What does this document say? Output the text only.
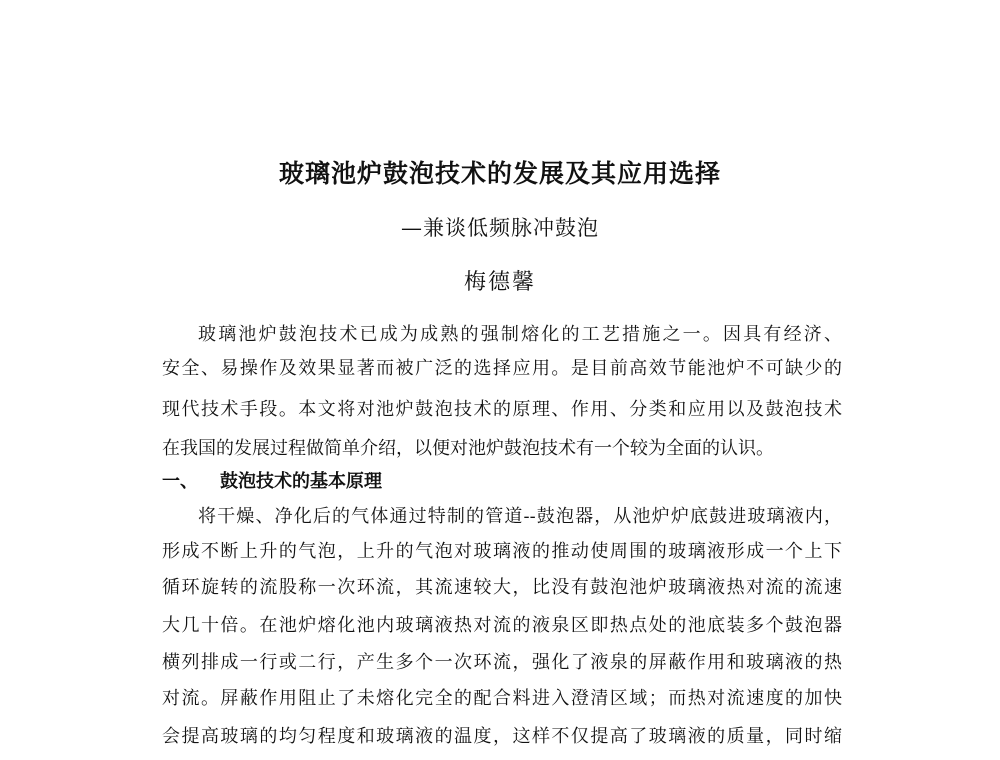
玻璃池炉鼓泡技术的发展及其应用选择
—兼谈低频脉冲鼓泡
梅德馨
玻璃池炉鼓泡技术已成为成熟的强制熔化的工艺措施之一。因具有经济、
安全、易操作及效果显著而被广泛的选择应用。是目前高效节能池炉不可缺少的
现代技术手段。本文将对池炉鼓泡技术的原理、作用、分类和应用以及鼓泡技术
在我国的发展过程做简单介绍，以便对池炉鼓泡技术有一个较为全面的认识。
一、 鼓泡技术的基本原理
将干燥、净化后的气体通过特制的管道--鼓泡器，从池炉炉底鼓进玻璃液内，
形成不断上升的气泡，上升的气泡对玻璃液的推动使周围的玻璃液形成一个上下
循环旋转的流股称一次环流，其流速较大，比没有鼓泡池炉玻璃液热对流的流速
大几十倍。在池炉熔化池内玻璃液热对流的液泉区即热点处的池底装多个鼓泡器
横列排成一行或二行，产生多个一次环流，强化了液泉的屏蔽作用和玻璃液的热
对流。屏蔽作用阻止了未熔化完全的配合料进入澄清区域；而热对流速度的加快
会提高玻璃的均匀程度和玻璃液的温度，这样不仅提高了玻璃液的质量，同时缩
